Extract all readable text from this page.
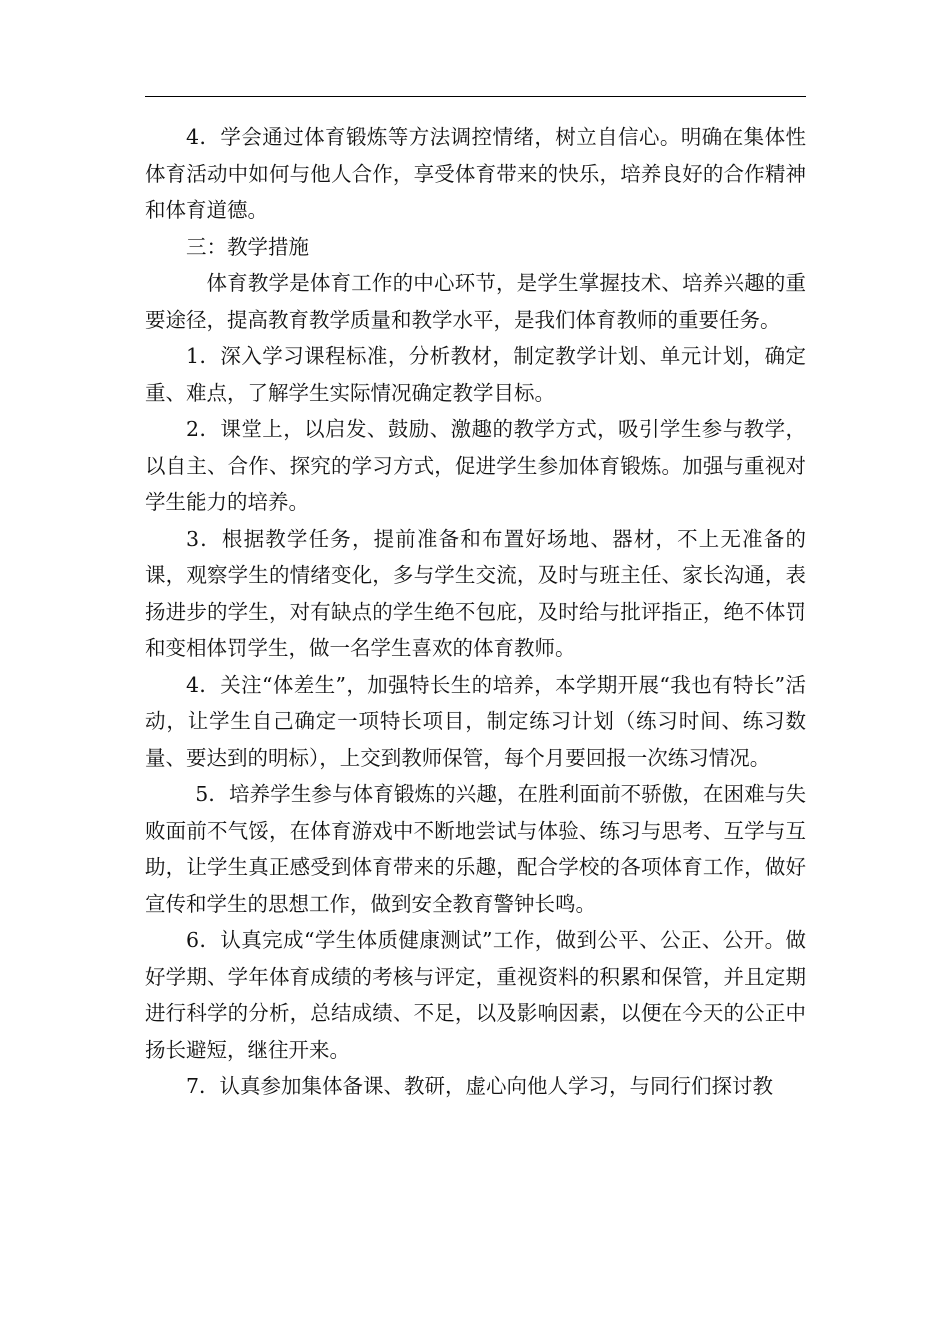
4．学会通过体育锻炼等方法调控情绪，树立自信心。明确在集体性体育活动中如何与他人合作，享受体育带来的快乐，培养良好的合作精神和体育道德。

三：教学措施

体育教学是体育工作的中心环节，是学生掌握技术、培养兴趣的重要途径，提高教育教学质量和教学水平，是我们体育教师的重要任务。

1．深入学习课程标准，分析教材，制定教学计划、单元计划，确定重、难点，了解学生实际情况确定教学目标。

2．课堂上，以启发、鼓励、激趣的教学方式，吸引学生参与教学，以自主、合作、探究的学习方式，促进学生参加体育锻炼。加强与重视对学生能力的培养。

3．根据教学任务，提前准备和布置好场地、器材，不上无准备的课，观察学生的情绪变化，多与学生交流，及时与班主任、家长沟通，表扬进步的学生，对有缺点的学生绝不包庇，及时给与批评指正，绝不体罚和变相体罚学生，做一名学生喜欢的体育教师。

4．关注“体差生”，加强特长生的培养，本学期开展“我也有特长”活动，让学生自己确定一项特长项目，制定练习计划（练习时间、练习数量、要达到的明标），上交到教师保管，每个月要回报一次练习情况。

5．培养学生参与体育锻炼的兴趣，在胜利面前不骄傲，在困难与失败面前不气馁，在体育游戏中不断地尝试与体验、练习与思考、互学与互助，让学生真正感受到体育带来的乐趣，配合学校的各项体育工作，做好宣传和学生的思想工作，做到安全教育警钟长鸣。

6．认真完成“学生体质健康测试”工作，做到公平、公正、公开。做好学期、学年体育成绩的考核与评定，重视资料的积累和保管，并且定期进行科学的分析，总结成绩、不足，以及影响因素，以便在今天的公正中扬长避短，继往开来。

7．认真参加集体备课、教研，虚心向他人学习，与同行们探讨教
